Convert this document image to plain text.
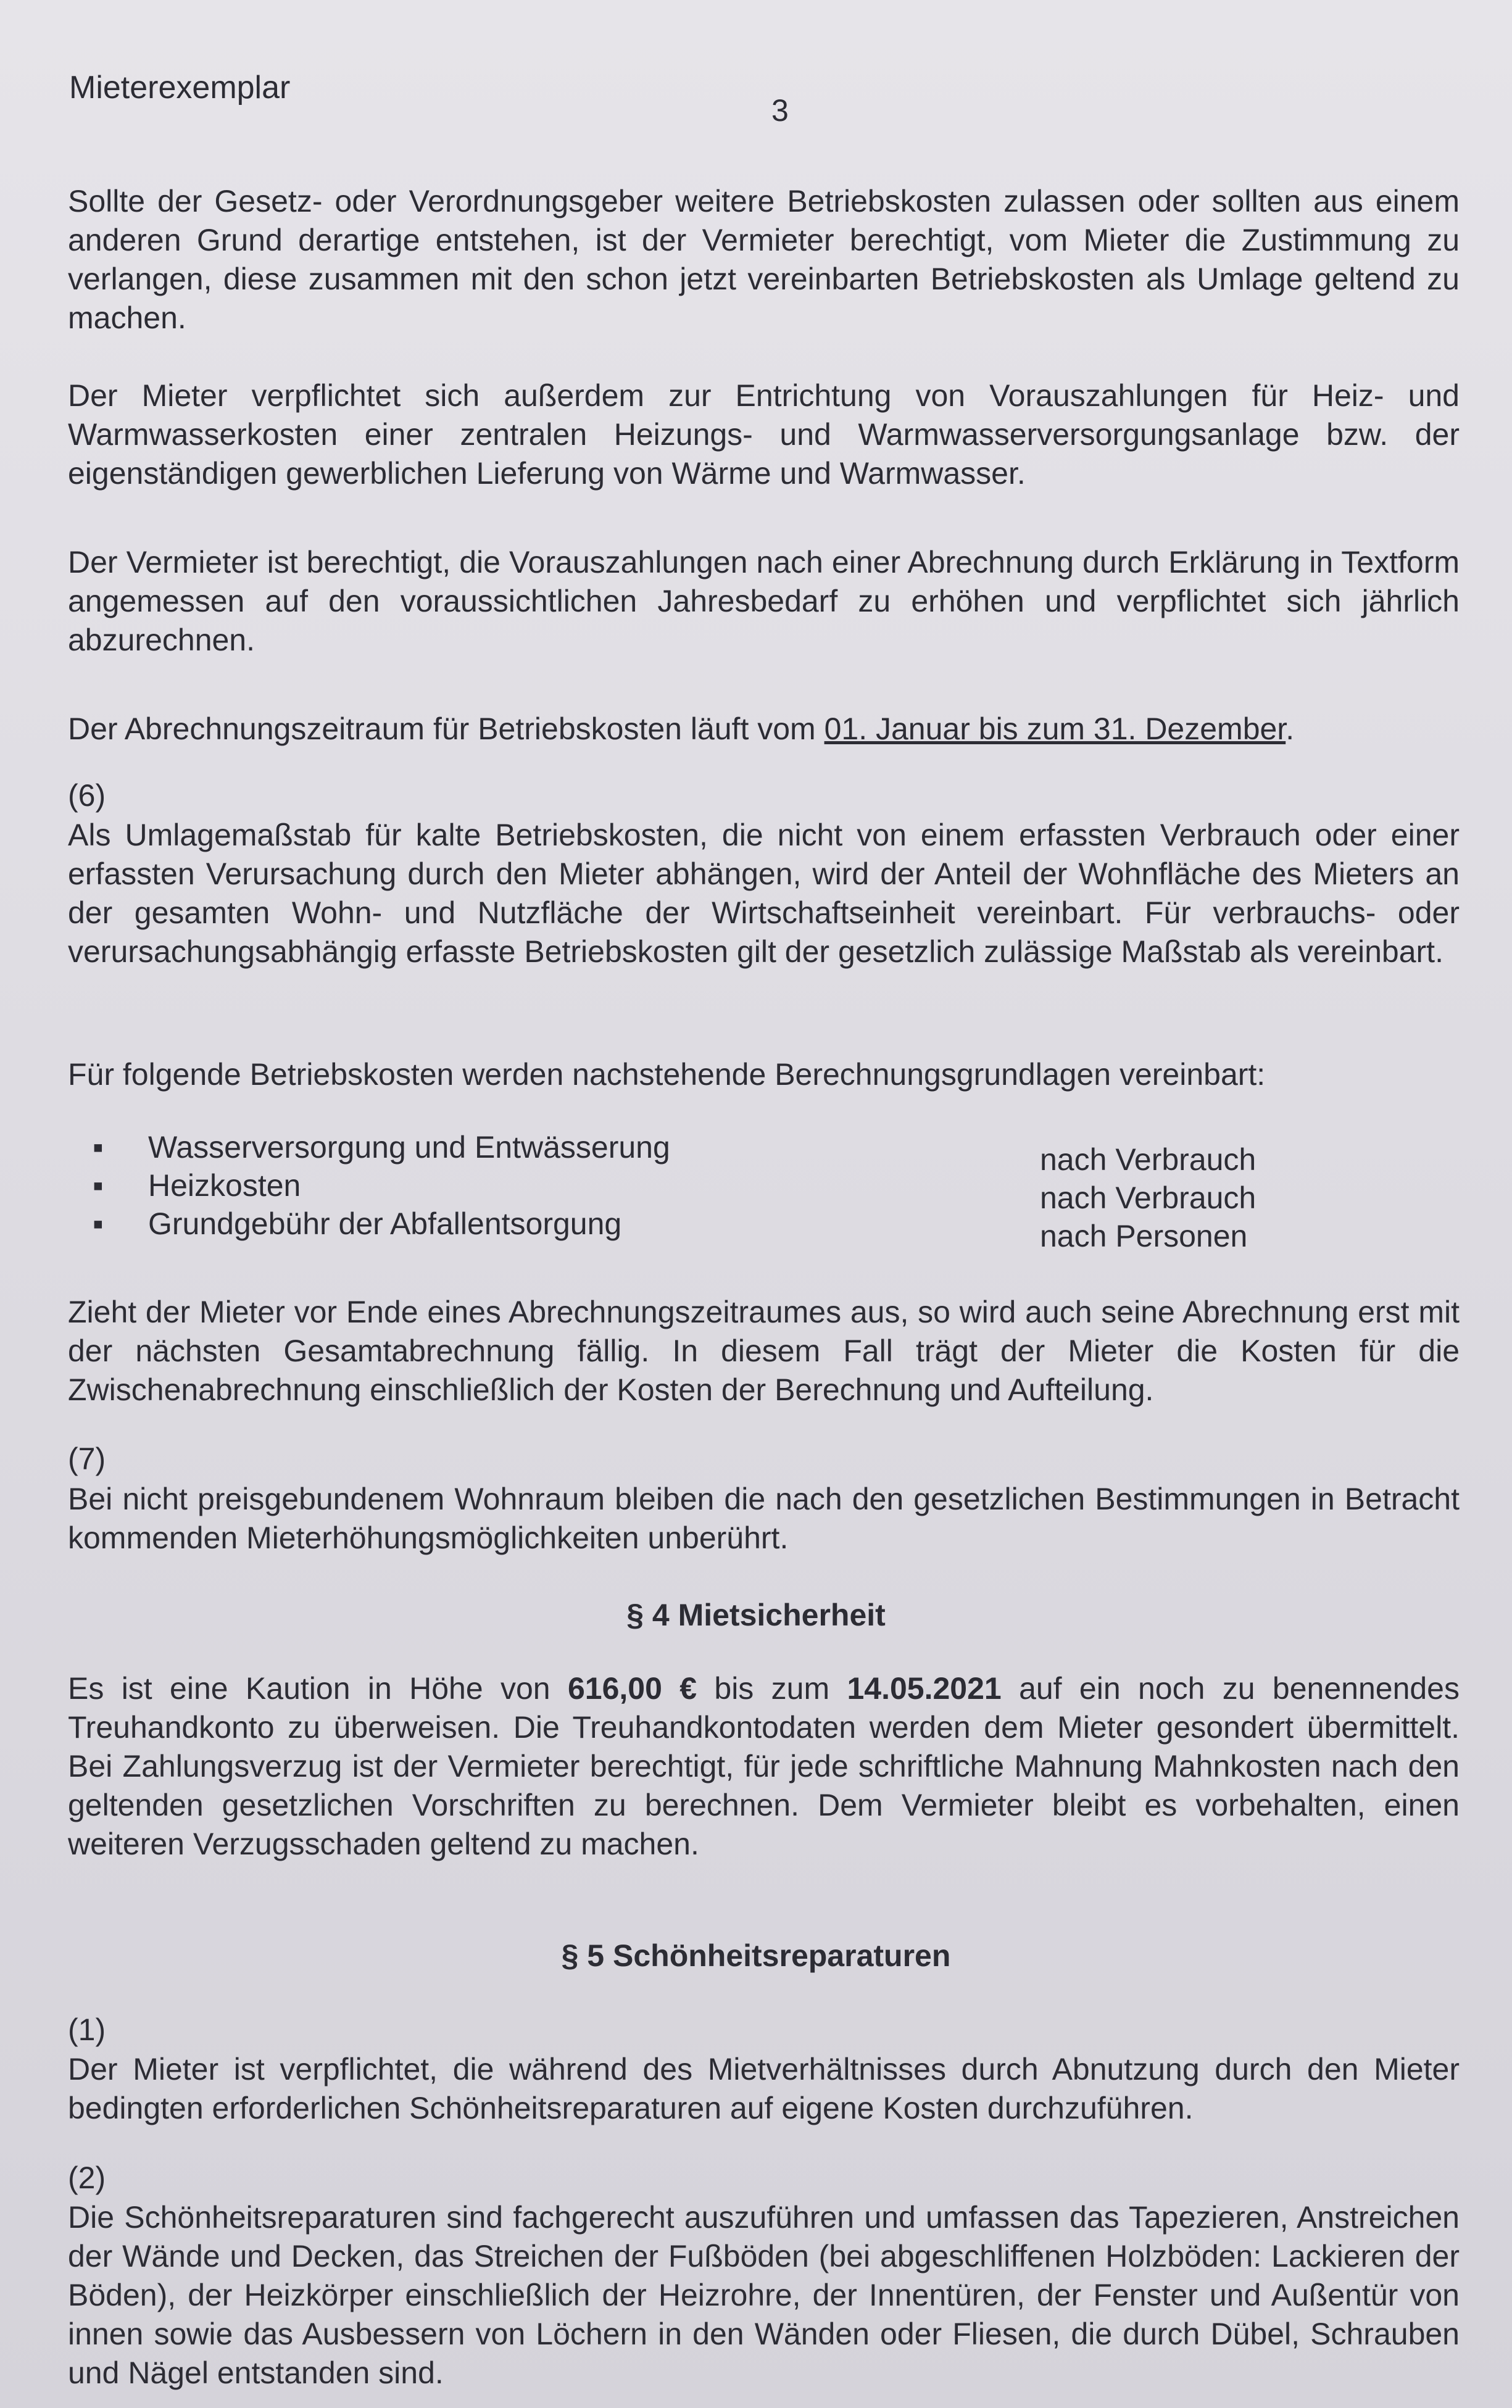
Mieterexemplar
3

Sollte der Gesetz- oder Verordnungsgeber weitere Betriebskosten zulassen oder sollten aus einem anderen Grund derartige entstehen, ist der Vermieter berechtigt, vom Mieter die Zustimmung zu verlangen, diese zusammen mit den schon jetzt vereinbarten Betriebskosten als Umlage geltend zu machen.

Der Mieter verpflichtet sich außerdem zur Entrichtung von Vorauszahlungen für Heiz- und Warmwasserkosten einer zentralen Heizungs- und Warmwasserversorgungsanlage bzw. der eigenständigen gewerblichen Lieferung von Wärme und Warmwasser.

Der Vermieter ist berechtigt, die Vorauszahlungen nach einer Abrechnung durch Erklärung in Textform angemessen auf den voraussichtlichen Jahresbedarf zu erhöhen und verpflichtet sich jährlich abzurechnen.

Der Abrechnungszeitraum für Betriebskosten läuft vom 01. Januar bis zum 31. Dezember.

(6)

Als Umlagemaßstab für kalte Betriebskosten, die nicht von einem erfassten Verbrauch oder einer erfassten Verursachung durch den Mieter abhängen, wird der Anteil der Wohnfläche des Mieters an der gesamten Wohn- und Nutzfläche der Wirtschaftseinheit vereinbart. Für verbrauchs- oder verursachungsabhängig erfasste Betriebskosten gilt der gesetzlich zulässige Maßstab als vereinbart.

Für folgende Betriebskosten werden nachstehende Berechnungsgrundlagen vereinbart:

▪ Wasserversorgung und Entwässerung	nach Verbrauch
▪ Heizkosten	nach Verbrauch
▪ Grundgebühr der Abfallentsorgung	nach Personen

Zieht der Mieter vor Ende eines Abrechnungszeitraumes aus, so wird auch seine Abrechnung erst mit der nächsten Gesamtabrechnung fällig. In diesem Fall trägt der Mieter die Kosten für die Zwischenabrechnung einschließlich der Kosten der Berechnung und Aufteilung.

(7)

Bei nicht preisgebundenem Wohnraum bleiben die nach den gesetzlichen Bestimmungen in Betracht kommenden Mieterhöhungsmöglichkeiten unberührt.

§ 4 Mietsicherheit

Es ist eine Kaution in Höhe von 616,00 € bis zum 14.05.2021 auf ein noch zu benennendes Treuhandkonto zu überweisen. Die Treuhandkontodaten werden dem Mieter gesondert übermittelt. Bei Zahlungsverzug ist der Vermieter berechtigt, für jede schriftliche Mahnung Mahnkosten nach den geltenden gesetzlichen Vorschriften zu berechnen. Dem Vermieter bleibt es vorbehalten, einen weiteren Verzugsschaden geltend zu machen.

§ 5 Schönheitsreparaturen
(1)

Der Mieter ist verpflichtet, die während des Mietverhältnisses durch Abnutzung durch den Mieter bedingten erforderlichen Schönheitsreparaturen auf eigene Kosten durchzuführen.

(2)

Die Schönheitsreparaturen sind fachgerecht auszuführen und umfassen das Tapezieren, Anstreichen der Wände und Decken, das Streichen der Fußböden (bei abgeschliffenen Holzböden: Lackieren der Böden), der Heizkörper einschließlich der Heizrohre, der Innentüren, der Fenster und Außentür von innen sowie das Ausbessern von Löchern in den Wänden oder Fliesen, die durch Dübel, Schrauben und Nägel entstanden sind.
